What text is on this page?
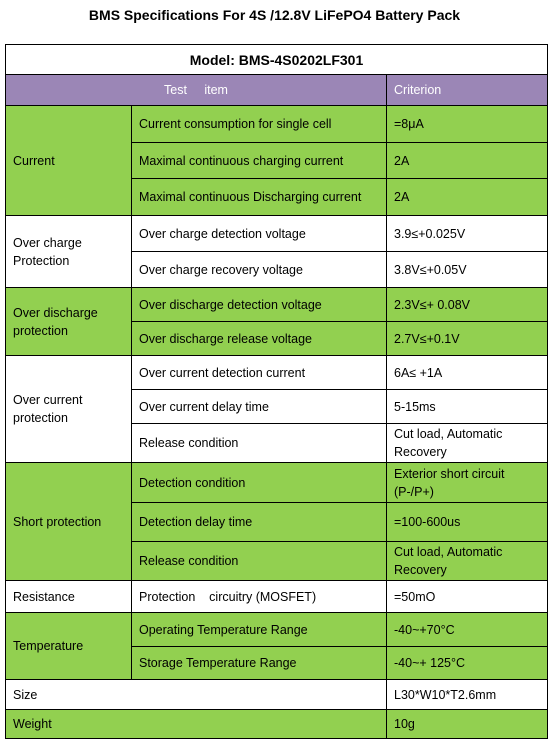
BMS Specifications For 4S /12.8V LiFePO4 Battery Pack
Model: BMS-4S0202LF301		
Test     item		Criterion
Current	Current consumption for single cell	=8μA
	Maximal continuous charging current	2A
	Maximal continuous Discharging current	2A
Over charge Protection	Over charge detection voltage	3.9≤+0.025V
	Over charge recovery voltage	3.8V≤+0.05V
Over discharge protection	Over discharge detection voltage	2.3V≤+ 0.08V
	Over discharge release voltage	2.7V≤+0.1V
Over current protection	Over current detection current	6A≤ +1A
	Over current delay time	5-15ms
	Release condition	Cut load, Automatic Recovery
Short protection	Detection condition	Exterior short circuit (P-/P+)
	Detection delay time	=100-600us
	Release condition	Cut load, Automatic Recovery
Resistance	Protection    circuitry (MOSFET)	=50mO
Temperature	Operating Temperature Range	-40~+70°C
	Storage Temperature Range	-40~+ 125°C
Size		L30*W10*T2.6mm
Weight		10g
